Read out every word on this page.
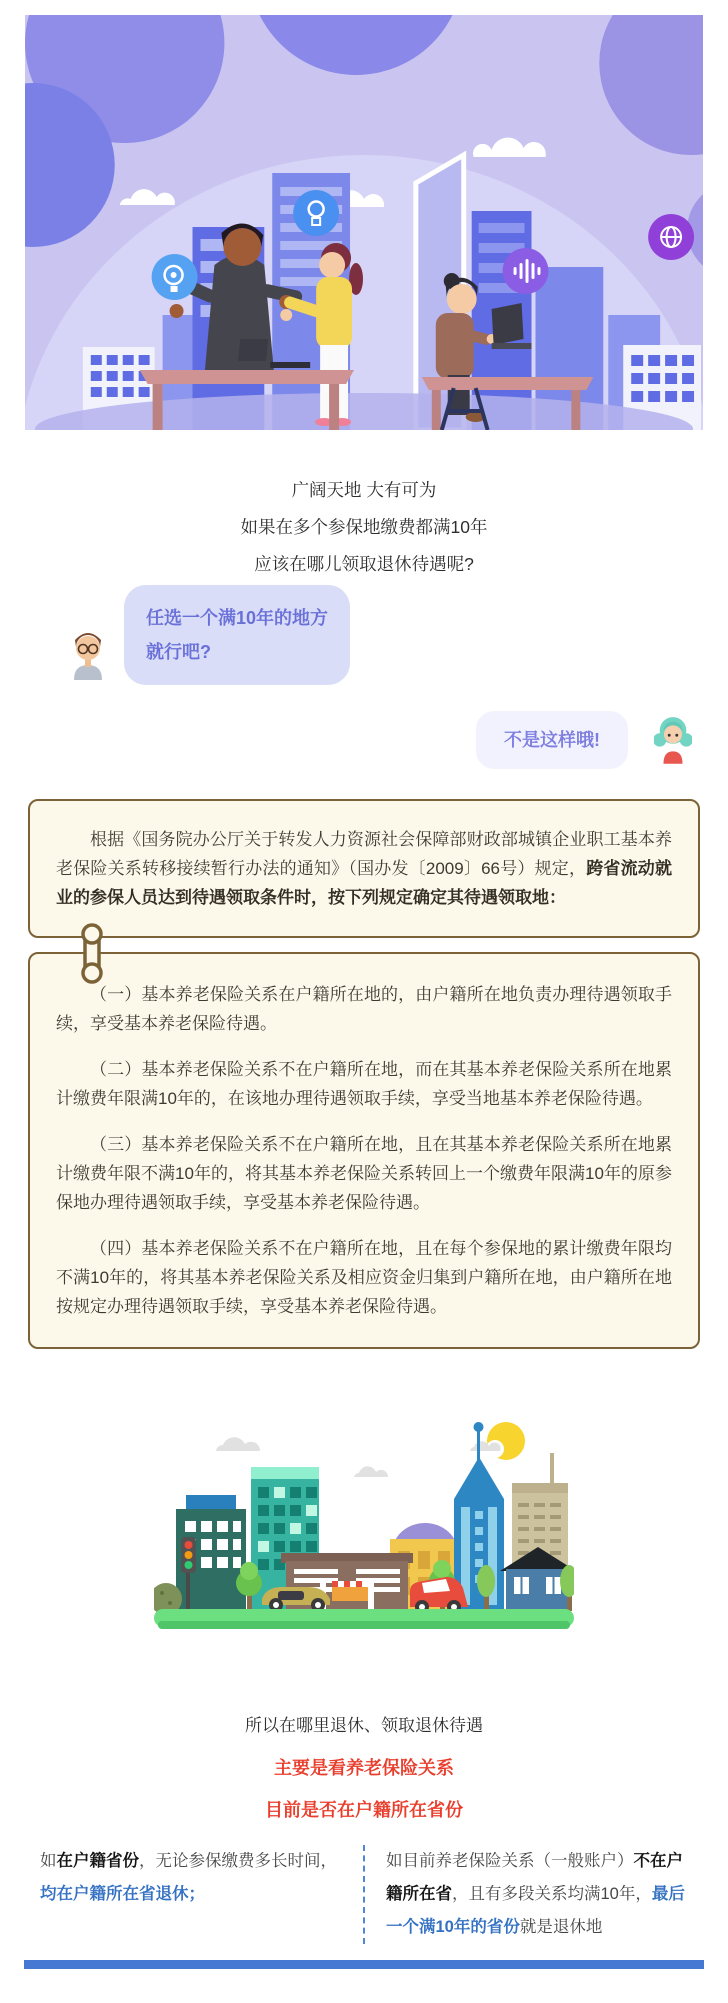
广阔天地 大有可为
如果在多个参保地缴费都满10年
应该在哪儿领取退休待遇呢?
任选一个满10年的地方
就行吧?
不是这样哦!

根据《国务院办公厅关于转发人力资源社会保障部财政部城镇企业职工基本养老保险关系转移接续暂行办法的通知》（国办发〔2009〕66号）规定，跨省流动就业的参保人员达到待遇领取条件时，按下列规定确定其待遇领取地：

（一）基本养老保险关系在户籍所在地的，由户籍所在地负责办理待遇领取手续，享受基本养老保险待遇。

（二）基本养老保险关系不在户籍所在地，而在其基本养老保险关系所在地累计缴费年限满10年的，在该地办理待遇领取手续，享受当地基本养老保险待遇。

（三）基本养老保险关系不在户籍所在地，且在其基本养老保险关系所在地累计缴费年限不满10年的，将其基本养老保险关系转回上一个缴费年限满10年的原参保地办理待遇领取手续，享受基本养老保险待遇。

（四）基本养老保险关系不在户籍所在地，且在每个参保地的累计缴费年限均不满10年的，将其基本养老保险关系及相应资金归集到户籍所在地，由户籍所在地按规定办理待遇领取手续，享受基本养老保险待遇。

所以在哪里退休、领取退休待遇
主要是看养老保险关系
目前是否在户籍所在省份

如在户籍省份，无论参保缴费多长时间，均在户籍所在省退休；

如目前养老保险关系（一般账户）不在户籍所在省，且有多段关系均满10年，最后一个满10年的省份就是退休地
